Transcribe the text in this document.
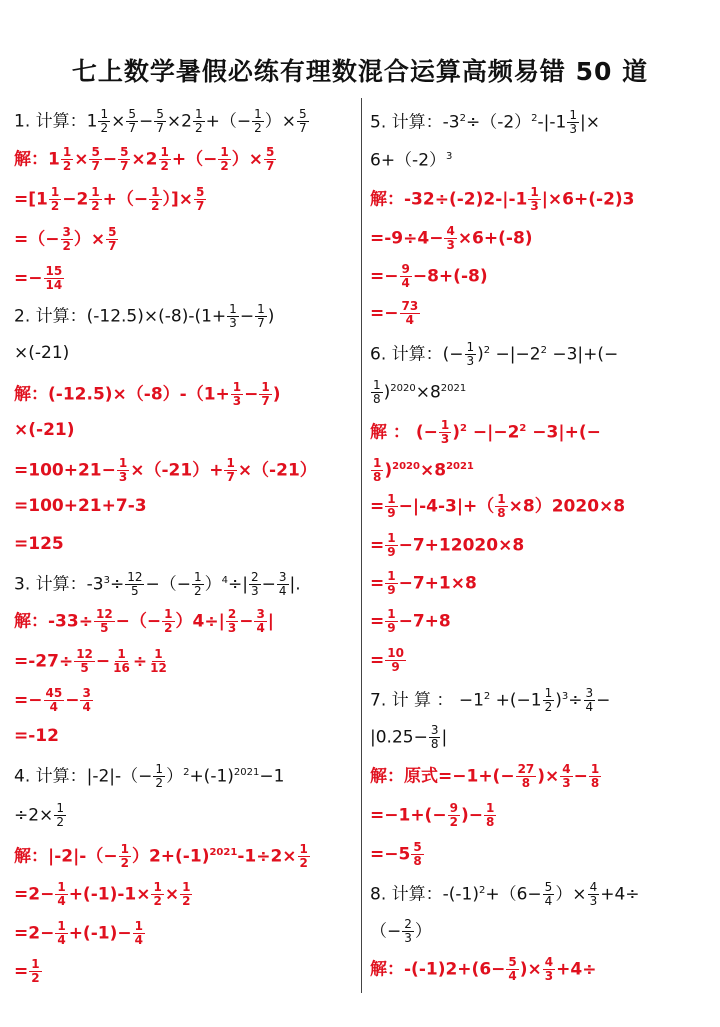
七上数学暑假必练有理数混合运算高频易错 50 道
1. 计算：$1 \frac{1}{2} \times \frac{5}{7} - \frac{5}{7} \times 2 \frac{1}{2}$ +（− $\frac{1}{2}$ ）× $\frac{5}{7}$
解：$1 \frac{1}{2} \times \frac{5}{7} - \frac{5}{7} \times 2 \frac{1}{2}$ +（− $\frac{1}{2}$ ）× $\frac{5}{7}$
$=[1 \frac{1}{2} -2 \frac{1}{2}$ +（− $\frac{1}{2}$ ）]× $\frac{5}{7}$
=（− $\frac{3}{2}$ ）× $\frac{5}{7}$
=− $\frac{15}{14}$
2. 计算：$(-12.5)\times(-8)-(1+ \frac{1}{3} - \frac{1}{7}$ )
×(-21)
解：$(-12.5)\times(-8)-(1+ \frac{1}{3} - \frac{1}{7}$ )
×(-21)
$=100+21- \frac{1}{3} \times(-21)+ \frac{1}{7} \times(-21)$
=100+21+7-3
=125
3. 计算：$-3^3\div \frac{12}{5}$ −（− $\frac{1}{2} )^4\div| \frac{2}{3} - \frac{3}{4}$ |.
解：$-33\div \frac{12}{5}$ −（− $\frac{1}{2} )4\div| \frac{2}{3} - \frac{3}{4}$ |
$=-27\div \frac{12}{5} - \frac{1}{16} \div \frac{1}{12}$
=− $\frac{45}{4} - \frac{3}{4}$
=-12
4. 计算：$|-2|-(- \frac{1}{2} )^2+(-1)^{2021}-1$
$\div 2\times \frac{1}{2}$
解：$|-2|-(- \frac{1}{2} )2+(-1)^{2021}-1\div 2\times \frac{1}{2}$
$=2- \frac{1}{4} +(-1)-1\times \frac{1}{2} \times \frac{1}{2}$
$=2- \frac{1}{4} +(-1)- \frac{1}{4}$
= $\frac{1}{2}$
5. 计算：$-3^2\div(-2)^2-|-1 \frac{1}{3}$ |×
$6+(-2)^3$
解：$-32\div(-2)2-|-1 \frac{1}{3} |\times 6+(-2)3$
$=-9\div 4- \frac{4}{3} \times 6+(-8)$
=− $\frac{9}{4} -8+(-8)$
=− $\frac{73}{4}$
6. 计算：(− $\frac{1}{3} )^2 -|-2^2 -3|+(-$
$\frac{1}{8} )^{2020}\times 8^{2021}$
解 ： (− $\frac{1}{3} )^2 -|-2^2 -3|+(-$
$\frac{1}{8} )^{2020}\times 8^{2021}$
= $\frac{1}{9} -|-4-3|+( \frac{1}{8} \times 8)2020\times 8$
= $\frac{1}{9} -7+12020\times 8$
= $\frac{1}{9} -7+1\times 8$
= $\frac{1}{9} -7+8$
= $\frac{10}{9}$
7. 计 算 ： $-1^2 +(-1 \frac{1}{2} )^3\div \frac{3}{4}$ −
$|0.25- \frac{3}{8}$ |
解：原式$=-1+(- \frac{27}{8}$ )× $\frac{4}{3} - \frac{1}{8}$
$=-1+(- \frac{9}{2}$ )− $\frac{1}{8}$
$=-5 \frac{5}{8}$
8. 计算：$-(-1)^2+(6- \frac{5}{4}$ ）× $\frac{4}{3} +4\div$
（− $\frac{2}{3}$ ）
解：$-(-1)2+(6- \frac{5}{4}$ )× $\frac{4}{3} +4\div$
